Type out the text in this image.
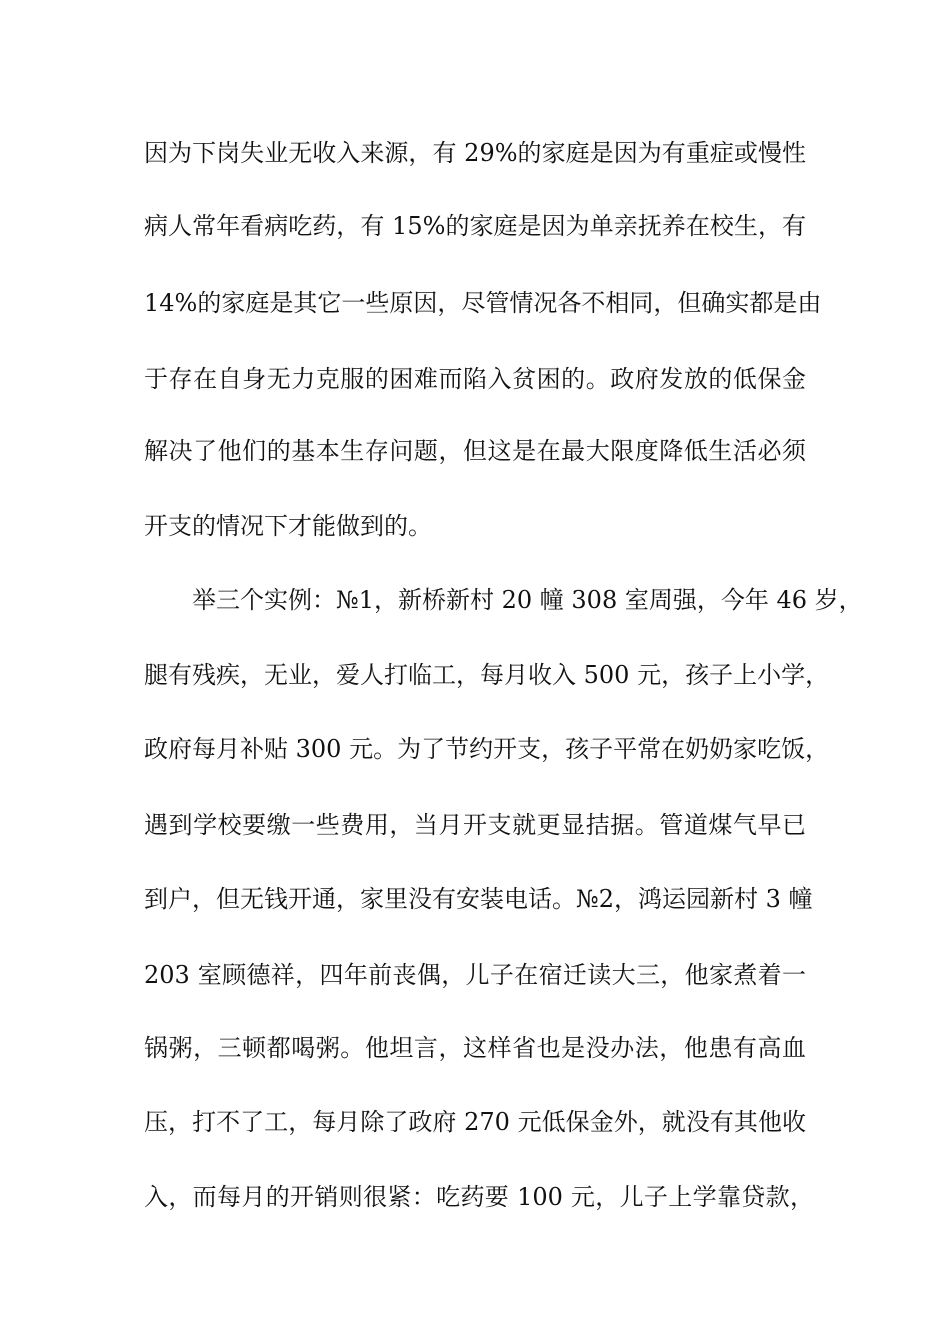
因为下岗失业无收入来源，有 29%的家庭是因为有重症或慢性
病人常年看病吃药，有 15%的家庭是因为单亲抚养在校生，有
14%的家庭是其它一些原因，尽管情况各不相同，但确实都是由
于存在自身无力克服的困难而陷入贫困的。政府发放的低保金
解决了他们的基本生存问题，但这是在最大限度降低生活必须
开支的情况下才能做到的。
举三个实例：№1，新桥新村 20 幢 308 室周强，今年 46 岁，
腿有残疾，无业，爱人打临工，每月收入 500 元，孩子上小学，
政府每月补贴 300 元。为了节约开支，孩子平常在奶奶家吃饭，
遇到学校要缴一些费用，当月开支就更显拮据。管道煤气早已
到户，但无钱开通，家里没有安装电话。№2，鸿运园新村 3 幢
203 室顾德祥，四年前丧偶，儿子在宿迁读大三，他家煮着一
锅粥，三顿都喝粥。他坦言，这样省也是没办法，他患有高血
压，打不了工，每月除了政府 270 元低保金外，就没有其他收
入，而每月的开销则很紧：吃药要 100 元，儿子上学靠贷款，
